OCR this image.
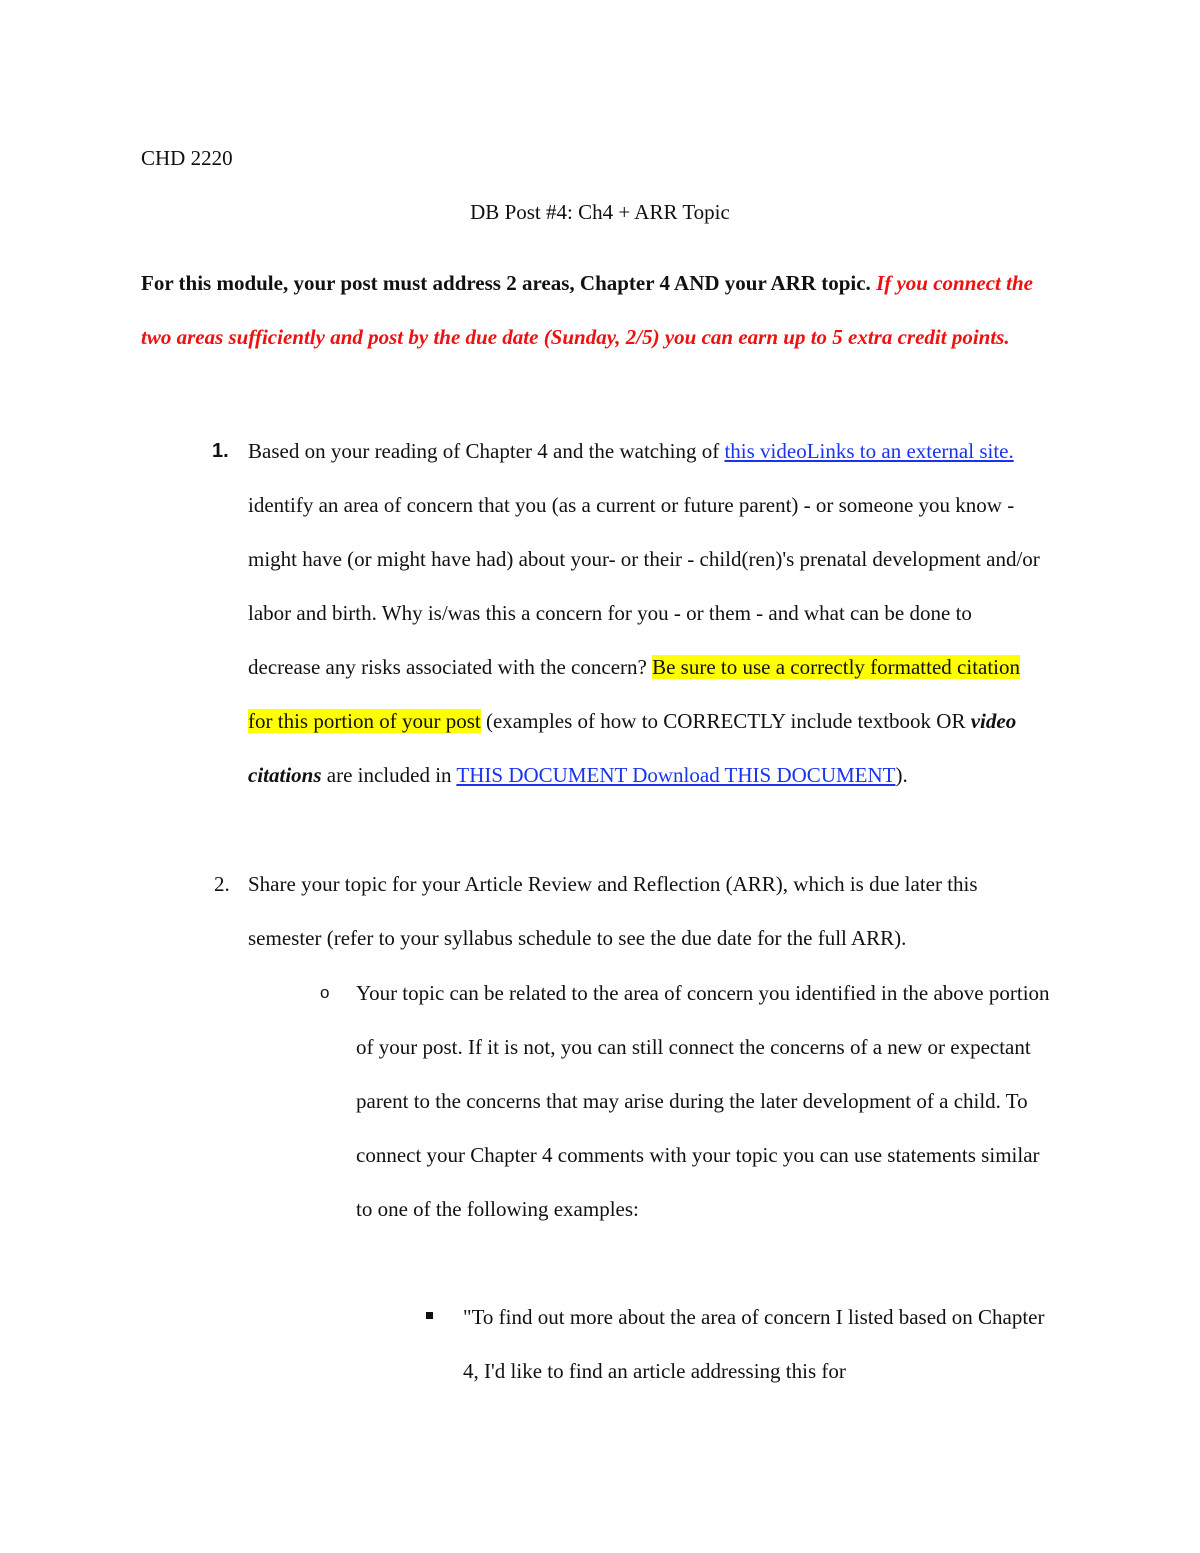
CHD 2220
DB Post #4: Ch4 + ARR Topic
For this module, your post must address 2 areas, Chapter 4 AND your ARR topic. If you connect the two areas sufficiently and post by the due date (Sunday, 2/5) you can earn up to 5 extra credit points.
1. Based on your reading of Chapter 4 and the watching of this videoLinks to an external site. identify an area of concern that you (as a current or future parent) - or someone you know - might have (or might have had) about your- or their - child(ren)'s prenatal development and/or labor and birth. Why is/was this a concern for you - or them - and what can be done to decrease any risks associated with the concern? Be sure to use a correctly formatted citation for this portion of your post (examples of how to CORRECTLY include textbook OR video citations are included in THIS DOCUMENT Download THIS DOCUMENT).
2. Share your topic for your Article Review and Reflection (ARR), which is due later this semester (refer to your syllabus schedule to see the due date for the full ARR).
o Your topic can be related to the area of concern you identified in the above portion of your post. If it is not, you can still connect the concerns of a new or expectant parent to the concerns that may arise during the later development of a child. To connect your Chapter 4 comments with your topic you can use statements similar to one of the following examples:
"To find out more about the area of concern I listed based on Chapter 4, I'd like to find an article addressing this for
